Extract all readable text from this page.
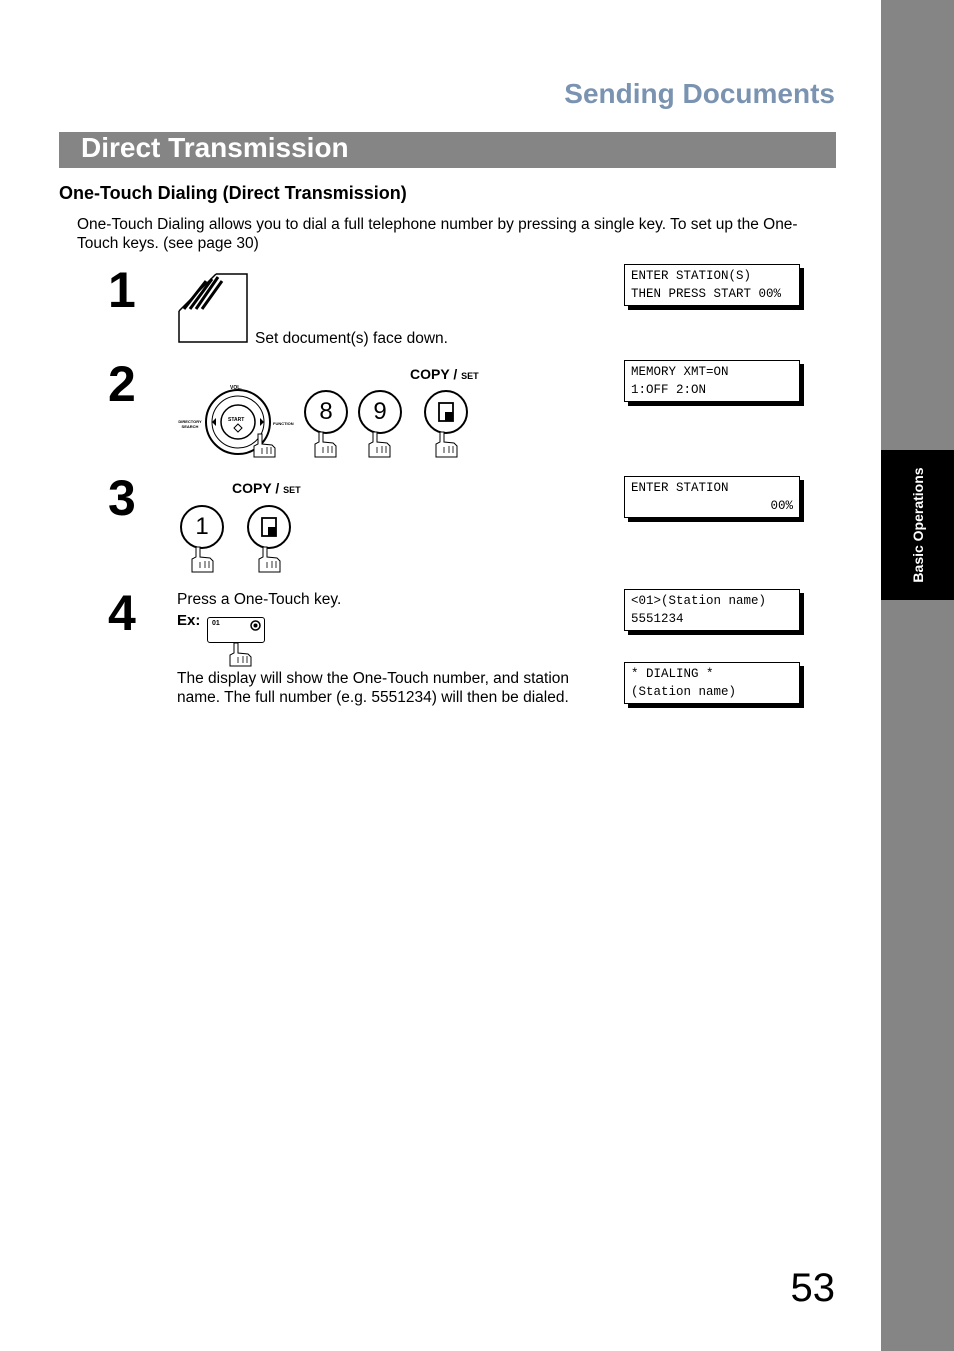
Basic Operations
Sending Documents
Direct Transmission
One-Touch Dialing (Direct Transmission)

One-Touch Dialing allows you to dial a full telephone number by pressing a single key. To set up the One-Touch keys. (see page 30)

1
Set document(s) face down.
ENTER STATION(S)
THEN PRESS START 00%
2	VOL.
START
DIRECTORY SEARCH
FUNCTION	8	9
COPY / SET	MEMORY XMT=ON
1:OFF 2:ON
3	COPY / SET
1
ENTER STATION
00%
4	Press a One-Touch key.
Ex: 01
The display will show the One-Touch number, and station name. The full number (e.g. 5551234) will then be dialed.
<01>(Station name)
5551234
* DIALING *
(Station name)

53
